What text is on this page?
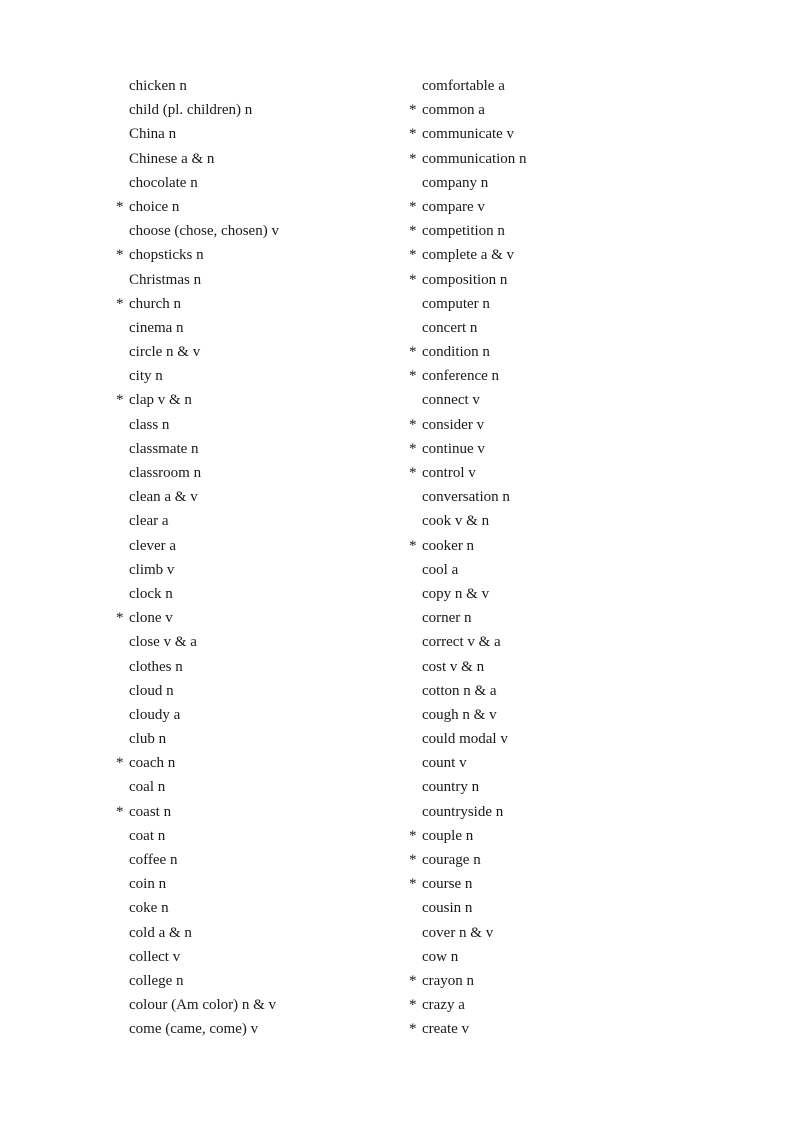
chicken n
child (pl. children) n
China n
Chinese a & n
chocolate n
* choice n
choose (chose, chosen) v
* chopsticks n
Christmas n
* church n
cinema n
circle n & v
city n
* clap v & n
class n
classmate n
classroom n
clean a & v
clear a
clever a
climb v
clock n
* clone v
close v & a
clothes n
cloud n
cloudy a
club n
* coach n
coal n
* coast n
coat n
coffee n
coin n
coke n
cold a & n
collect v
college n
colour (Am color) n & v
come (came, come) v
comfortable a
* common a
* communicate v
* communication n
company n
* compare v
* competition n
* complete a & v
* composition n
computer n
concert n
* condition n
* conference n
connect v
* consider v
* continue v
* control v
conversation n
cook v & n
* cooker n
cool a
copy n & v
corner n
correct v & a
cost v & n
cotton n & a
cough n & v
could modal v
count v
country n
countryside n
* couple n
* courage n
* course n
cousin n
cover n & v
cow n
* crayon n
* crazy a
* create v
